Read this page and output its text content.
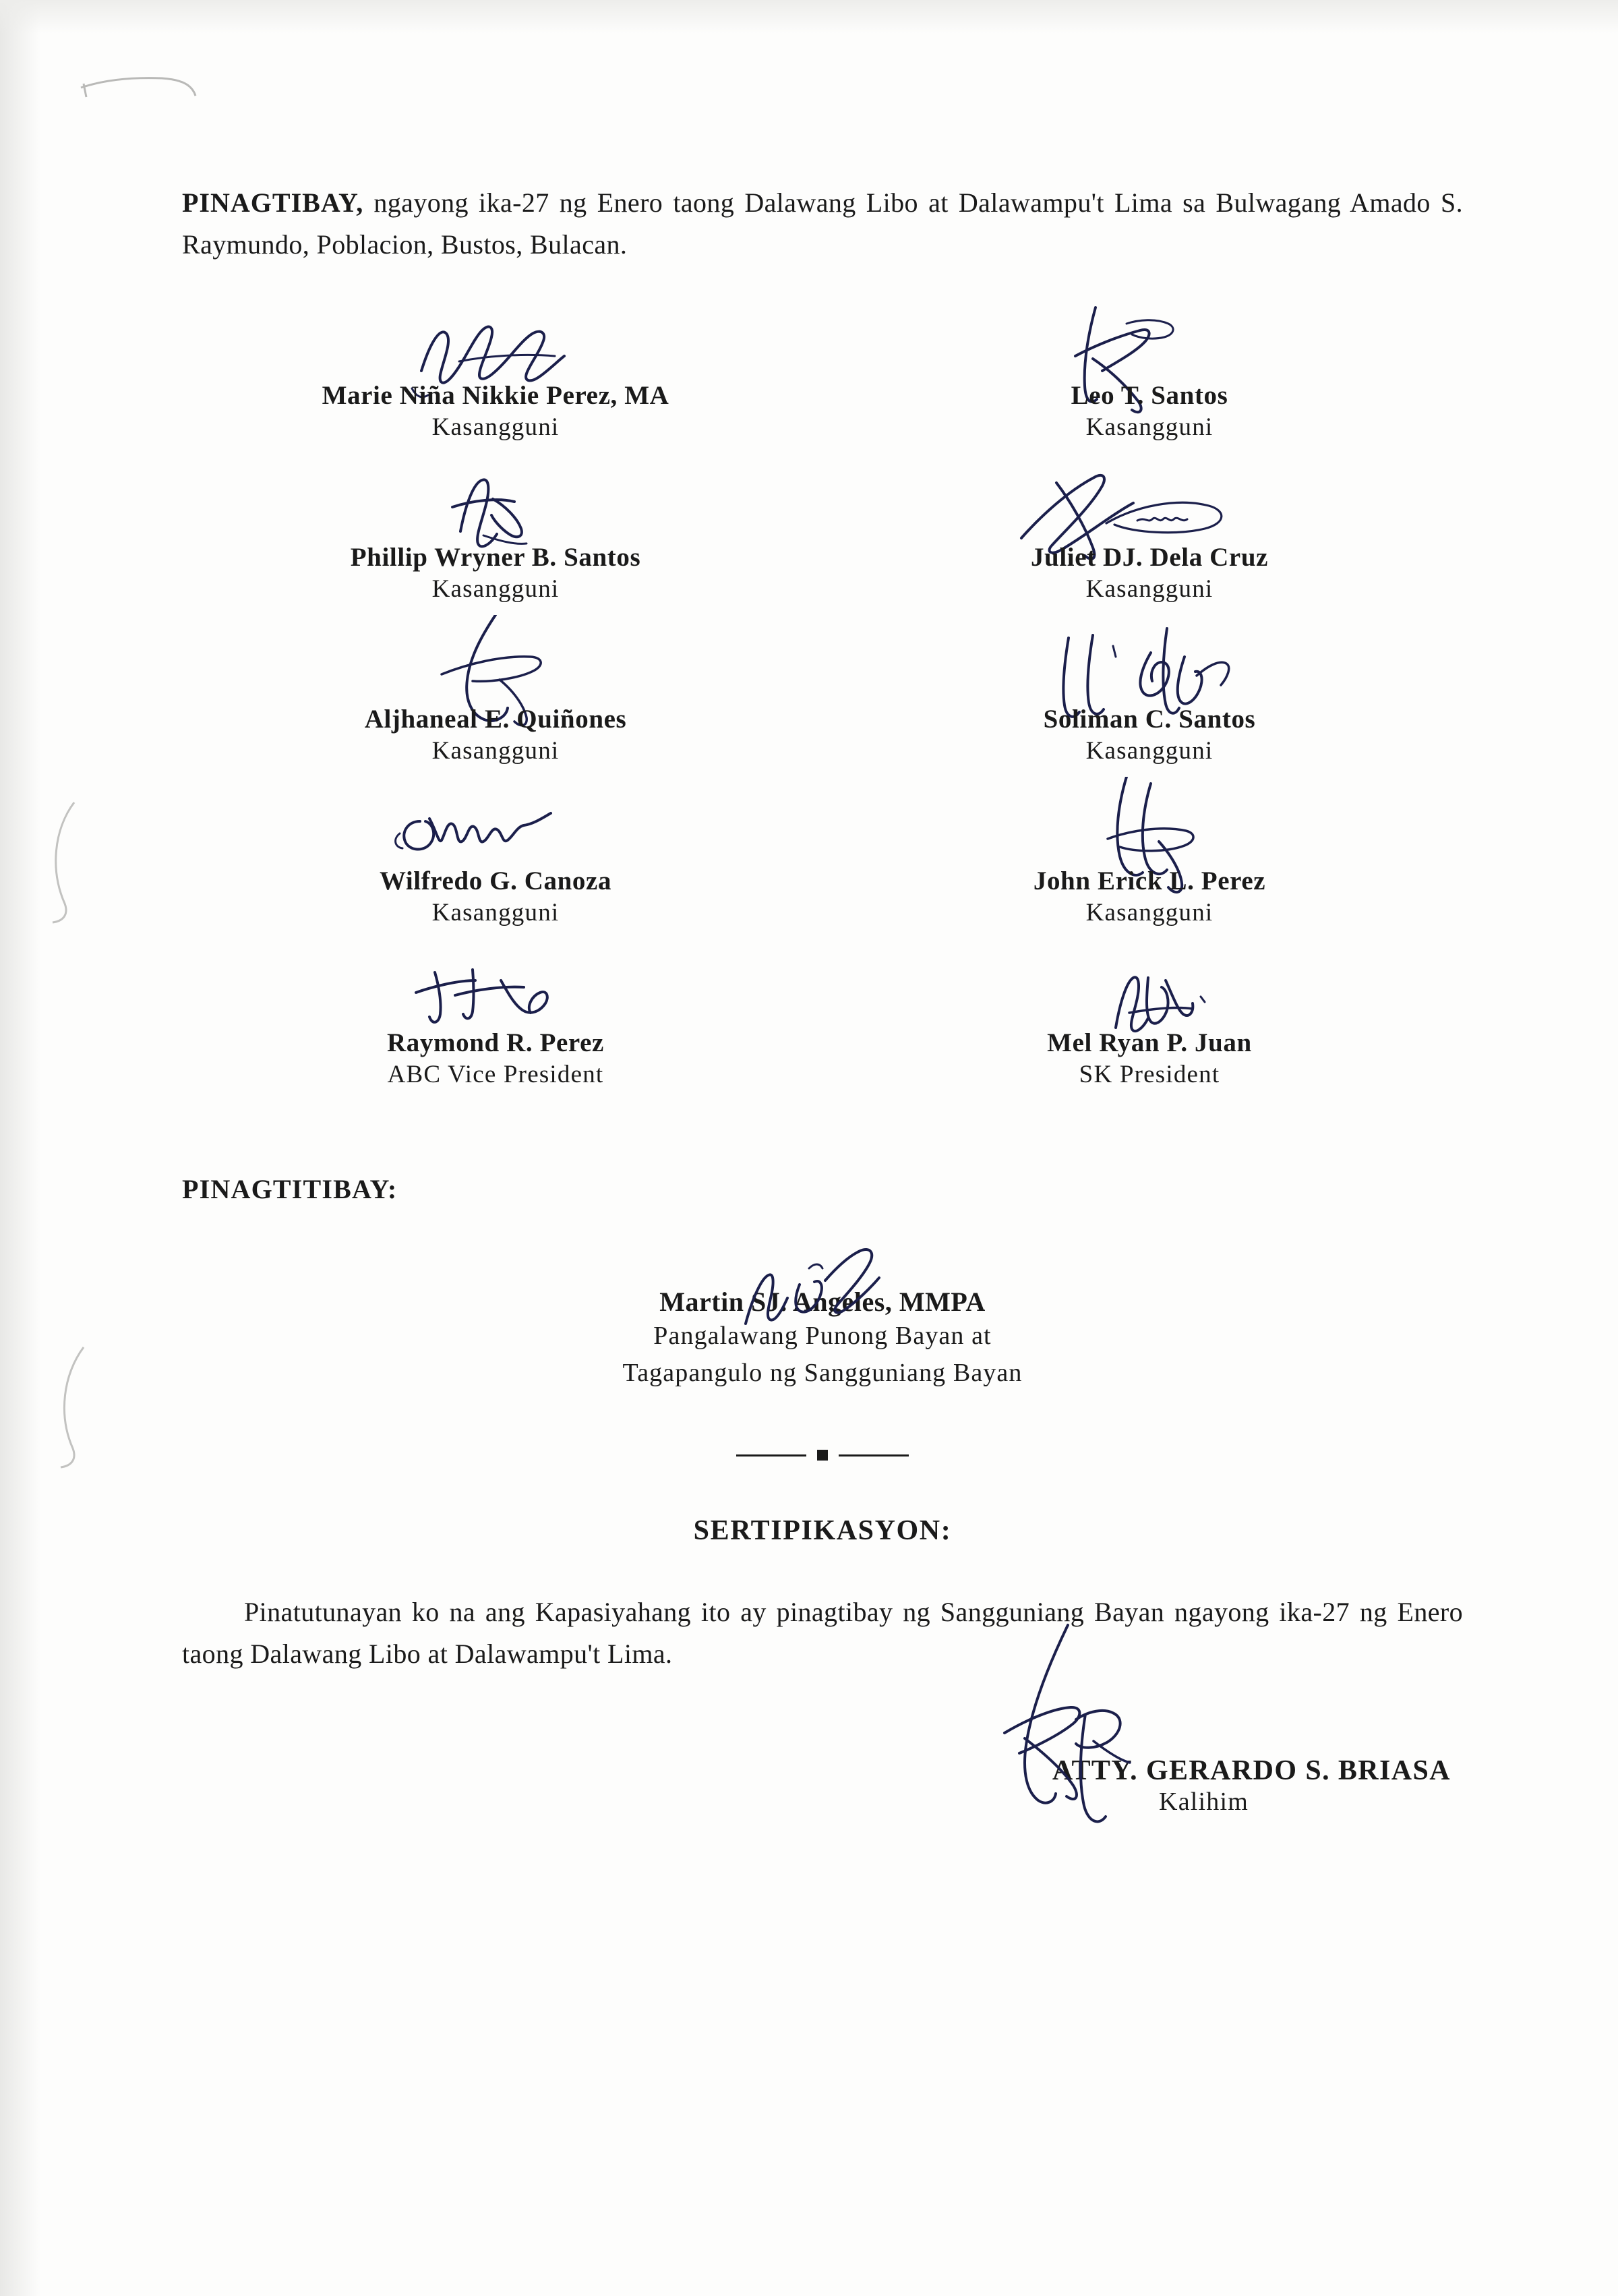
PINAGTIBAY, ngayong ika-27 ng Enero taong Dalawang Libo at Dalawampu't Lima sa Bulwagang Amado S. Raymundo, Poblacion, Bustos, Bulacan.

Marie Niña Nikkie Perez, MA
Kasangguni
Leo T. Santos
Kasangguni
Phillip Wryner B. Santos
Kasangguni
Juliet DJ. Dela Cruz
Kasangguni
Aljhaneal E. Quiñones
Kasangguni
Soliman C. Santos
Kasangguni
Wilfredo G. Canoza
Kasangguni
John Erick L. Perez
Kasangguni
Raymond R. Perez
ABC Vice President
Mel Ryan P. Juan
SK President
PINAGTITIBAY:
Martin SJ. Angeles, MMPA
Pangalawang Punong Bayan at
Tagapangulo ng Sangguniang Bayan
SERTIPIKASYON:

Pinatutunayan ko na ang Kapasiyahang ito ay pinagtibay ng Sangguniang Bayan ngayong ika-27 ng Enero taong Dalawang Libo at Dalawampu't Lima.

ATTY. GERARDO S. BRIASA
Kalihim
